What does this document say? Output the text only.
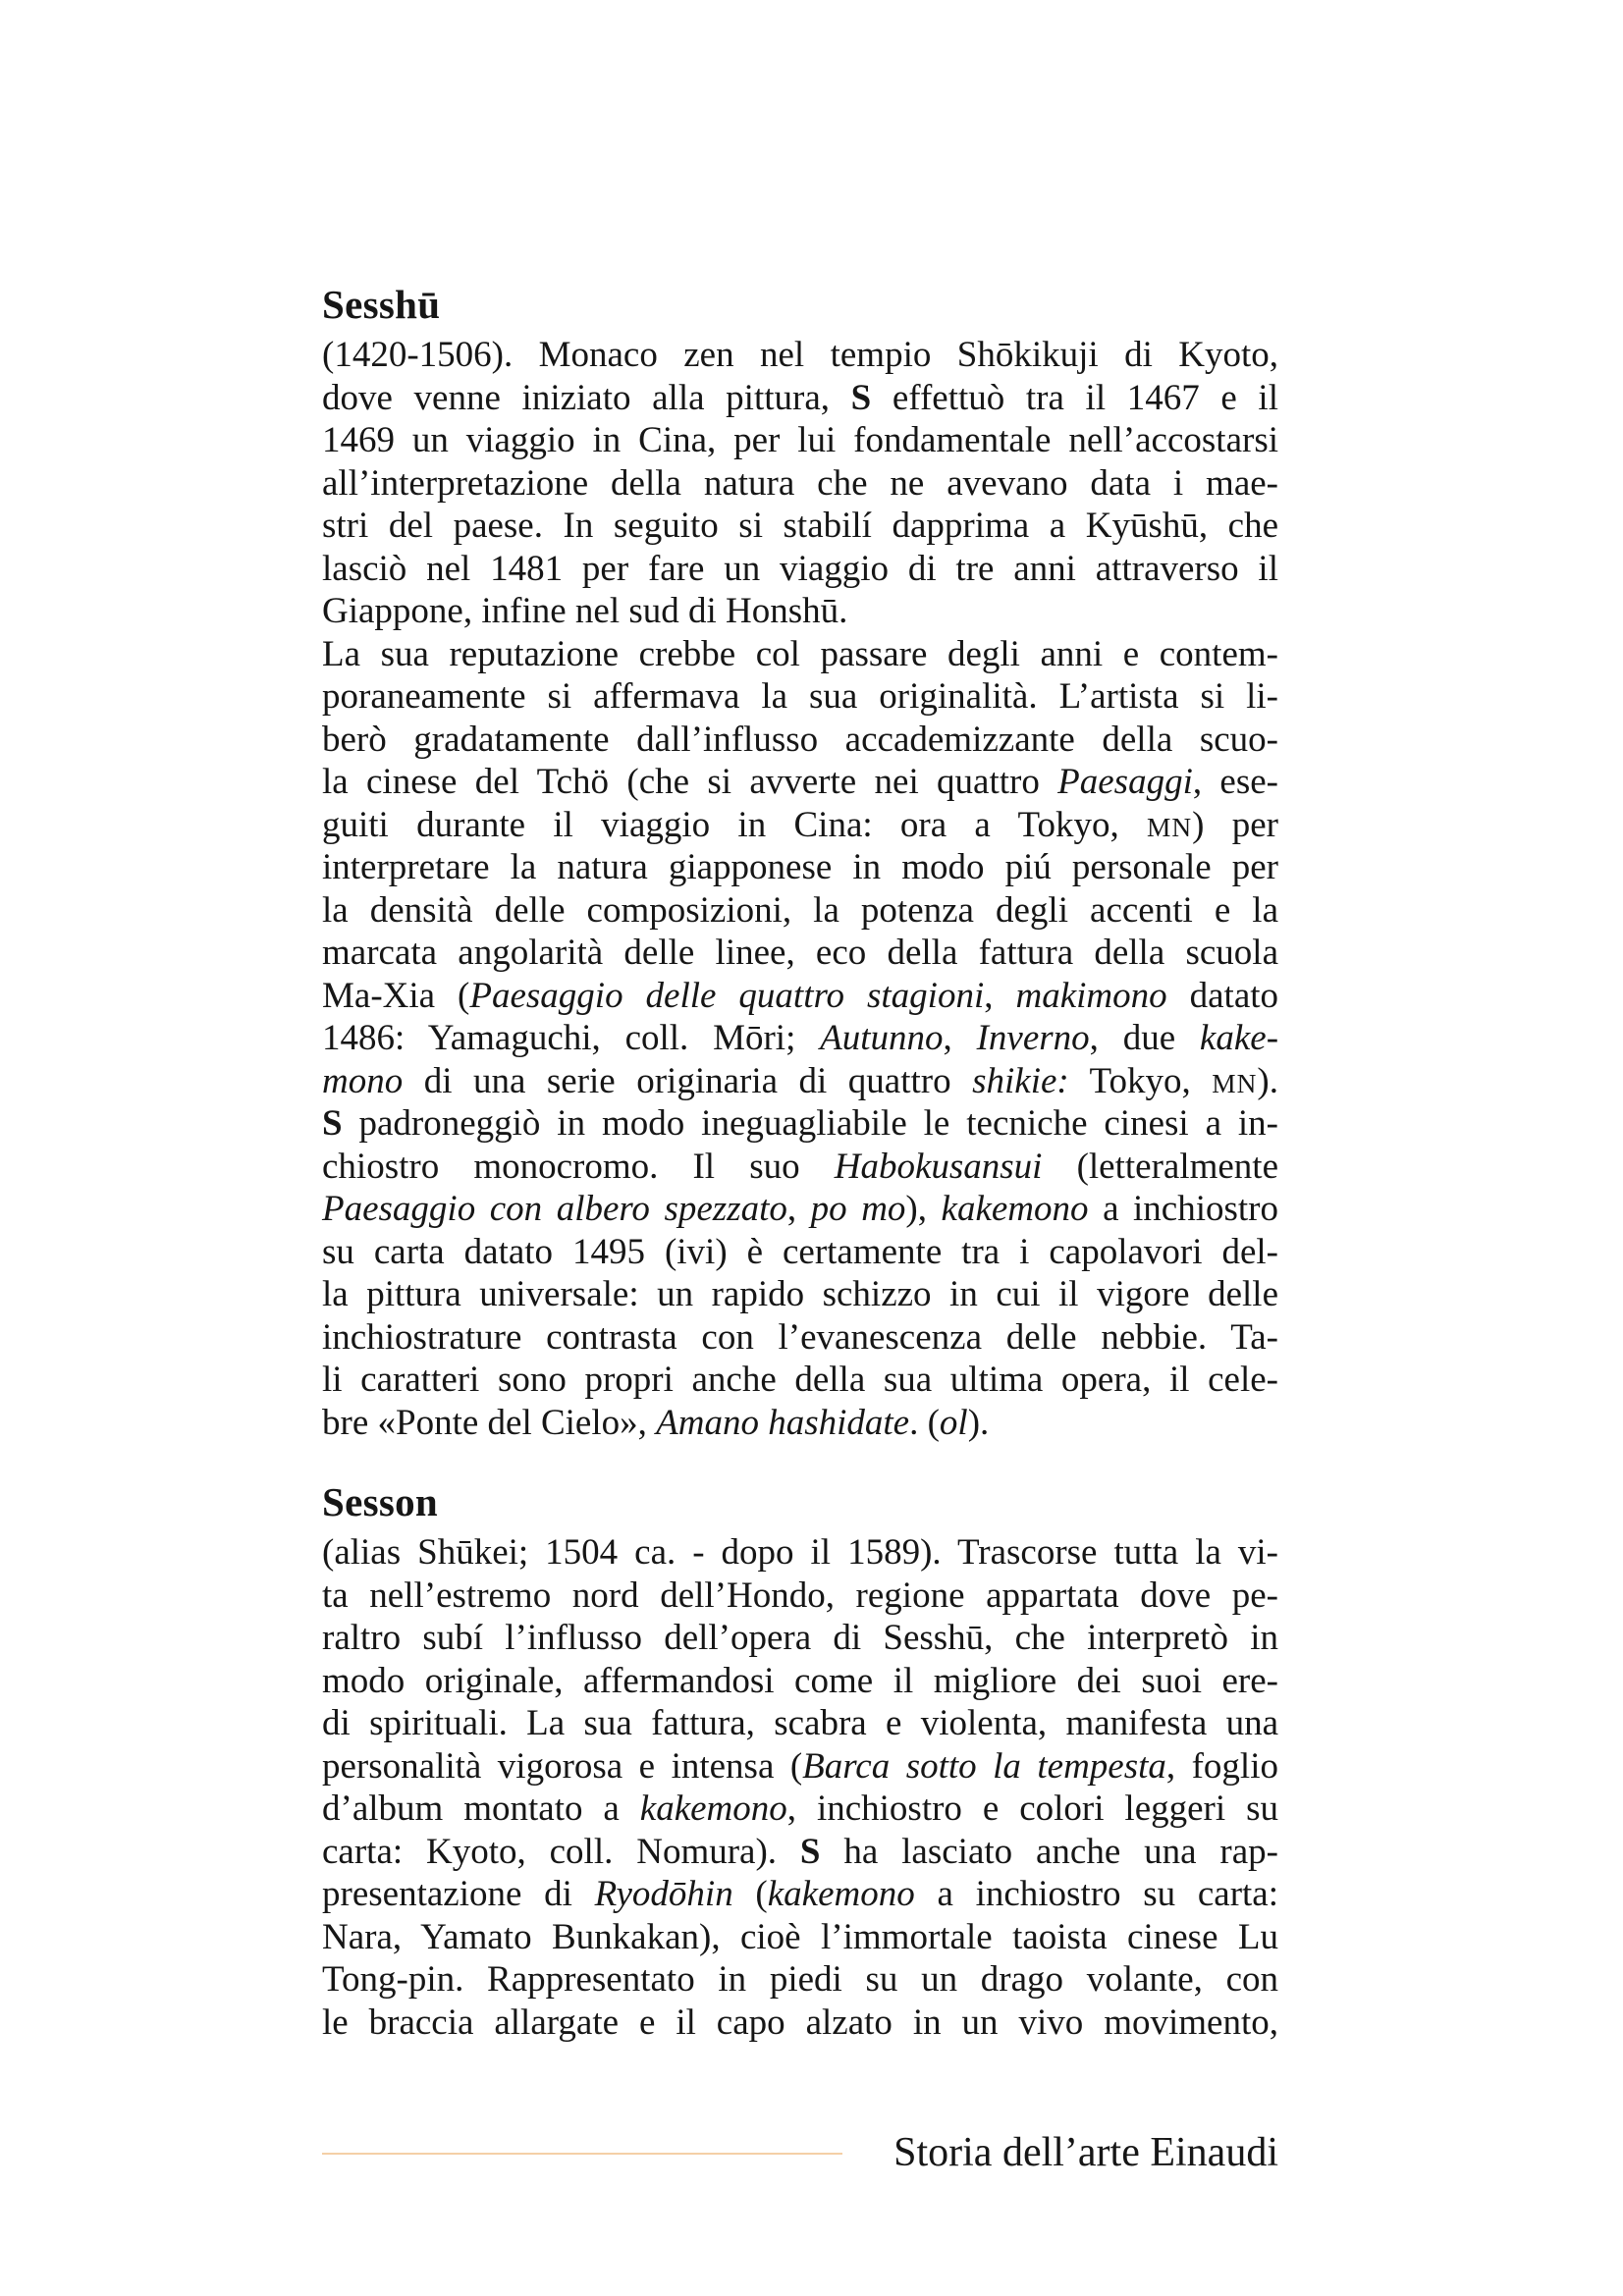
Sesshū
(1420-1506). Monaco zen nel tempio Shōkikuji di Kyoto,
dove venne iniziato alla pittura, S effettuò tra il 1467 e il
1469 un viaggio in Cina, per lui fondamentale nell’accostarsi
all’interpretazione della natura che ne avevano data i mae-
stri del paese. In seguito si stabilí dapprima a Kyūshū, che
lasciò nel 1481 per fare un viaggio di tre anni attraverso il
Giappone, infine nel sud di Honshū.
La sua reputazione crebbe col passare degli anni e contem-
poraneamente si affermava la sua originalità. L’artista si li-
berò gradatamente dall’influsso accademizzante della scuo-
la cinese del Tchö (che si avverte nei quattro Paesaggi, ese-
guiti durante il viaggio in Cina: ora a Tokyo, MN) per
interpretare la natura giapponese in modo piú personale per
la densità delle composizioni, la potenza degli accenti e la
marcata angolarità delle linee, eco della fattura della scuola
Ma-Xia (Paesaggio delle quattro stagioni, makimono datato
1486: Yamaguchi, coll. Mōri; Autunno, Inverno, due kake-
mono di una serie originaria di quattro shikie: Tokyo, MN).
S padroneggiò in modo ineguagliabile le tecniche cinesi a in-
chiostro monocromo. Il suo Habokusansui (letteralmente
Paesaggio con albero spezzato, po mo), kakemono a inchiostro
su carta datato 1495 (ivi) è certamente tra i capolavori del-
la pittura universale: un rapido schizzo in cui il vigore delle
inchiostrature contrasta con l’evanescenza delle nebbie. Ta-
li caratteri sono propri anche della sua ultima opera, il cele-
bre «Ponte del Cielo», Amano hashidate. (ol).
Sesson
(alias Shūkei; 1504 ca. - dopo il 1589). Trascorse tutta la vi-
ta nell’estremo nord dell’Hondo, regione appartata dove pe-
raltro subí l’influsso dell’opera di Sesshū, che interpretò in
modo originale, affermandosi come il migliore dei suoi ere-
di spirituali. La sua fattura, scabra e violenta, manifesta una
personalità vigorosa e intensa (Barca sotto la tempesta, foglio
d’album montato a kakemono, inchiostro e colori leggeri su
carta: Kyoto, coll. Nomura). S ha lasciato anche una rap-
presentazione di Ryodōhin (kakemono a inchiostro su carta:
Nara, Yamato Bunkakan), cioè l’immortale taoista cinese Lu
Tong-pin. Rappresentato in piedi su un drago volante, con
le braccia allargate e il capo alzato in un vivo movimento,
Storia dell’arte Einaudi
